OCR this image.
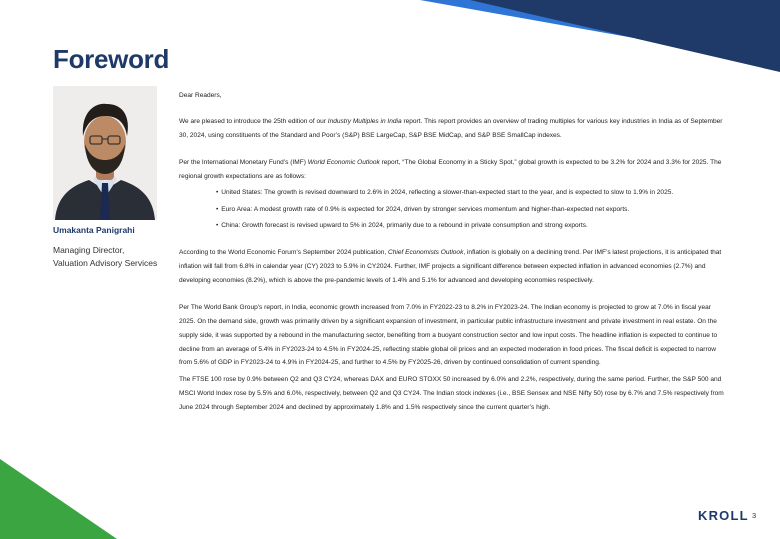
Foreword
Umakanta Panigrahi
Managing Director,
Valuation Advisory Services

Dear Readers,

We are pleased to introduce the 25th edition of our Industry Multiples in India report. This report provides an overview of trading multiples for various key industries in India as of September 30, 2024, using constituents of the Standard and Poor’s (S&P) BSE LargeCap, S&P BSE MidCap, and S&P BSE SmallCap indexes.

Per the International Monetary Fund’s (IMF) World Economic Outlook report, “The Global Economy in a Sticky Spot,” global growth is expected to be 3.2% for 2024 and 3.3% for 2025. The regional growth expectations are as follows:

• United States: The growth is revised downward to 2.6% in 2024, reflecting a slower-than-expected start to the year, and is expected to slow to 1.9% in 2025.
• Euro Area: A modest growth rate of 0.9% is expected for 2024, driven by stronger services momentum and higher-than-expected net exports.
• China: Growth forecast is revised upward to 5% in 2024, primarily due to a rebound in private consumption and strong exports.

According to the World Economic Forum’s September 2024 publication, Chief Economists Outlook, inflation is globally on a declining trend. Per IMF’s latest projections, it is anticipated that inflation will fall from 6.8% in calendar year (CY) 2023 to 5.9% in CY2024. Further, IMF projects a significant difference between expected inflation in advanced economies (2.7%) and developing economies (8.2%), which is above the pre-pandemic levels of 1.4% and 5.1% for advanced and developing economies respectively.

Per The World Bank Group’s report, in India, economic growth increased from 7.0% in FY2022-23 to 8.2% in FY2023-24. The Indian economy is projected to grow at 7.0% in fiscal year 2025. On the demand side, growth was primarily driven by a significant expansion of investment, in particular public infrastructure investment and private investment in real estate. On the supply side, it was supported by a rebound in the manufacturing sector, benefiting from a buoyant construction sector and low input costs. The headline inflation is expected to continue to decline from an average of 5.4% in FY2023-24 to 4.5% in FY2024-25, reflecting stable global oil prices and an expected moderation in food prices. The fiscal deficit is expected to narrow from 5.6% of GDP in FY2023-24 to 4.9% in FY2024-25, and further to 4.5% by FY2025-26, driven by continued consolidation of current spending.

The FTSE 100 rose by 0.9% between Q2 and Q3 CY24, whereas DAX and EURO STOXX 50 increased by 6.0% and 2.2%, respectively, during the same period. Further, the S&P 500 and MSCI World Index rose by 5.5% and 6.0%, respectively, between Q2 and Q3 CY24. The Indian stock indexes (i.e., BSE Sensex and NSE Nifty 50) rose by 6.7% and 7.5% respectively from June 2024 through September 2024 and declined by approximately 1.8% and 1.5% respectively since the current quarter’s high.

KROLL 3
